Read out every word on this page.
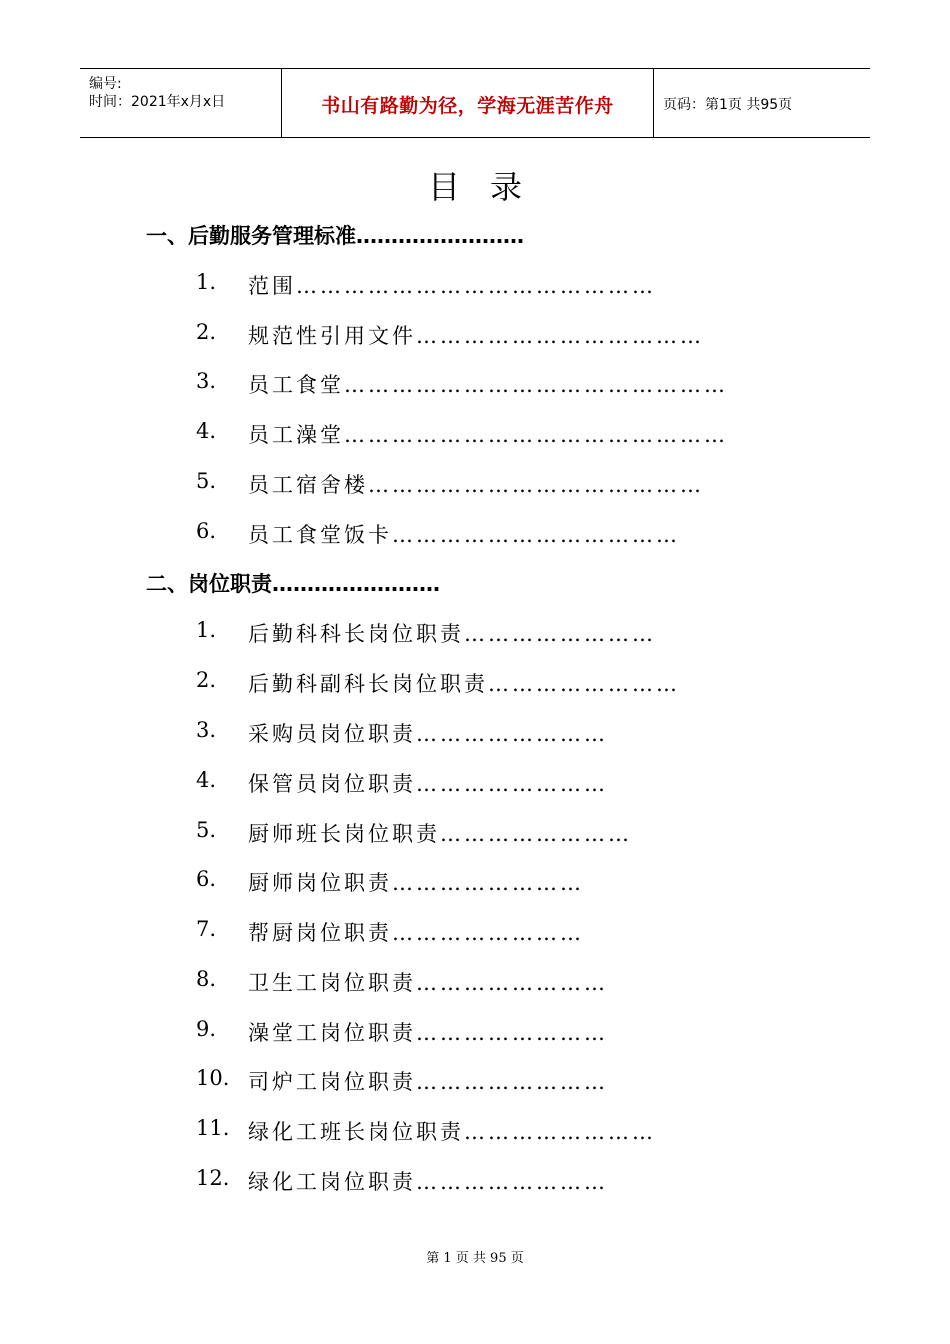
编号:
时间：2021年x月x日	书山有路勤为径，学海无涯苦作舟	页码：第1页 共95页
目录
一、后勤服务管理标准……………………
1.	范围………………………………………
2.	规范性引用文件………………………………
3.	员工食堂…………………………………………
4.	员工澡堂…………………………………………
5.	员工宿舍楼……………………………………
6.	员工食堂饭卡………………………………
二、岗位职责……………………
1.	后勤科科长岗位职责……………………
2.	后勤科副科长岗位职责……………………
3.	采购员岗位职责……………………
4.	保管员岗位职责……………………
5.	厨师班长岗位职责……………………
6.	厨师岗位职责……………………
7.	帮厨岗位职责……………………
8.	卫生工岗位职责……………………
9.	澡堂工岗位职责……………………
10. 司炉工岗位职责……………………
11. 绿化工班长岗位职责……………………
12. 绿化工岗位职责……………………
第 1 页 共 95 页
